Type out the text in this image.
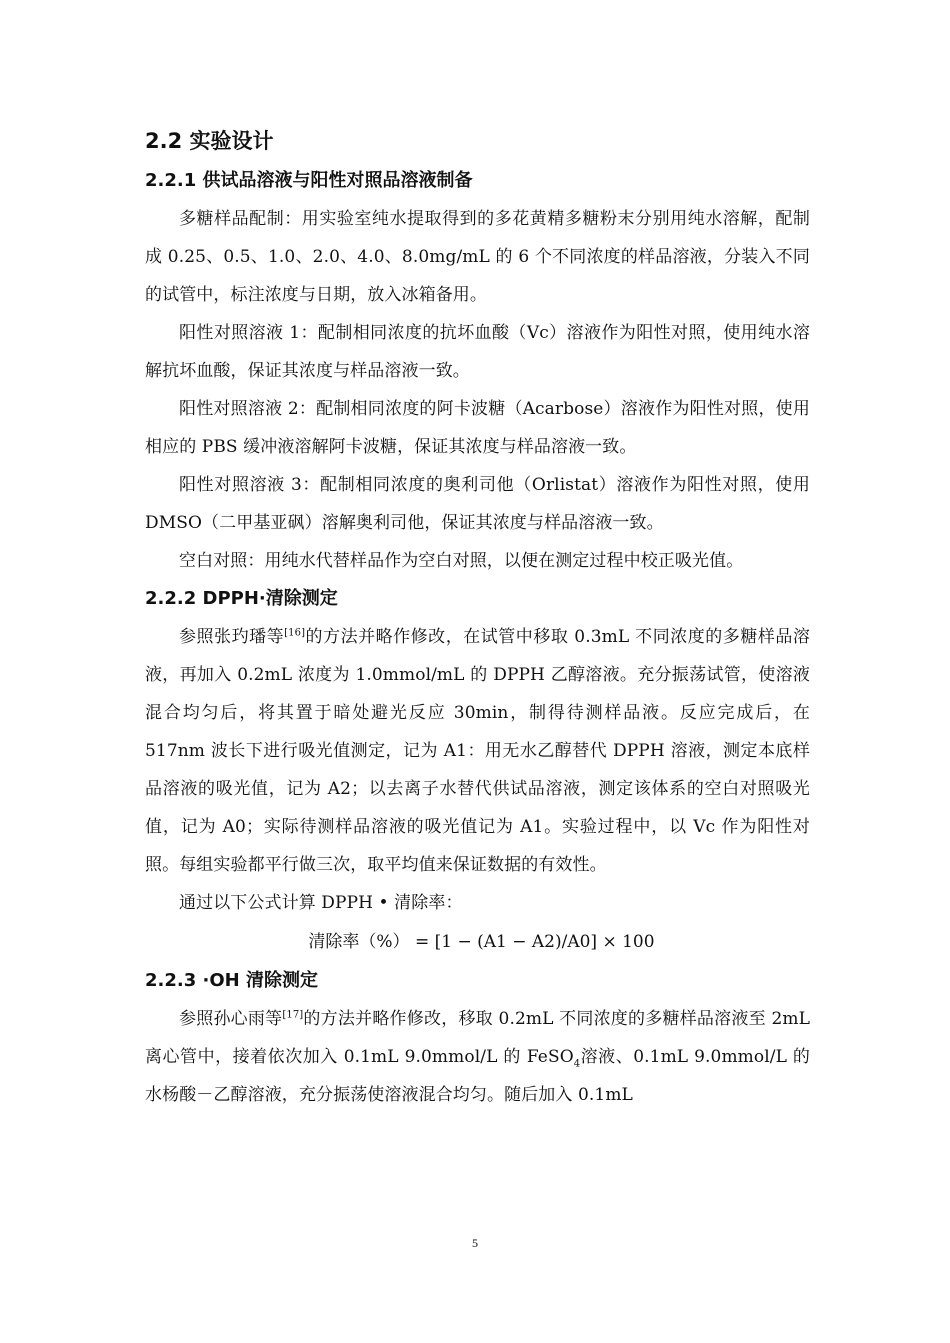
2.2 实验设计
2.2.1 供试品溶液与阳性对照品溶液制备

多糖样品配制：用实验室纯水提取得到的多花黄精多糖粉末分别用纯水溶解，配制成 0.25、0.5、1.0、2.0、4.0、8.0mg/mL 的 6 个不同浓度的样品溶液，分装入不同的试管中，标注浓度与日期，放入冰箱备用。

阳性对照溶液 1：配制相同浓度的抗坏血酸（Vc）溶液作为阳性对照，使用纯水溶解抗坏血酸，保证其浓度与样品溶液一致。

阳性对照溶液 2：配制相同浓度的阿卡波糖（Acarbose）溶液作为阳性对照，使用相应的 PBS 缓冲液溶解阿卡波糖，保证其浓度与样品溶液一致。

阳性对照溶液 3：配制相同浓度的奥利司他（Orlistat）溶液作为阳性对照，使用 DMSO（二甲基亚砜）溶解奥利司他，保证其浓度与样品溶液一致。

空白对照：用纯水代替样品作为空白对照，以便在测定过程中校正吸光值。

2.2.2 DPPH·清除测定

参照张玓璠等[16]的方法并略作修改，在试管中移取 0.3mL 不同浓度的多糖样品溶液，再加入 0.2mL 浓度为 1.0mmol/mL 的 DPPH 乙醇溶液。充分振荡试管，使溶液混合均匀后，将其置于暗处避光反应 30min，制得待测样品液。反应完成后，在 517nm 波长下进行吸光值测定，记为 A1：用无水乙醇替代 DPPH 溶液，测定本底样品溶液的吸光值，记为 A2；以去离子水替代供试品溶液，测定该体系的空白对照吸光值，记为 A0；实际待测样品溶液的吸光值记为 A1。实验过程中，以 Vc 作为阳性对照。每组实验都平行做三次，取平均值来保证数据的有效性。

通过以下公式计算 DPPH • 清除率：

清除率（%） = [1 − (A1 − A2)/A0] × 100

2.2.3 ·OH 清除测定

参照孙心雨等[17]的方法并略作修改，移取 0.2mL 不同浓度的多糖样品溶液至 2mL 离心管中，接着依次加入 0.1mL 9.0mmol/L 的 FeSO$_4$溶液、0.1mL 9.0mmol/L 的水杨酸－乙醇溶液，充分振荡使溶液混合均匀。随后加入 0.1mL

5
